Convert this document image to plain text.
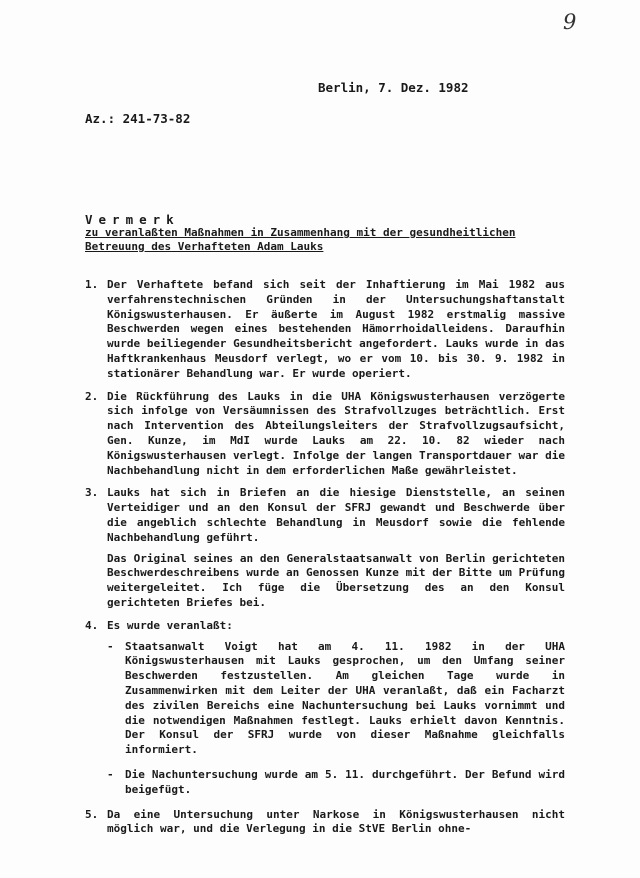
9
Berlin, 7. Dez. 1982
Az.: 241-73-82
Vermerk
zu veranlaßten Maßnahmen in Zusammenhang mit der gesundheitlichen Betreuung des Verhafteten Adam Lauks
1. Der Verhaftete befand sich seit der Inhaftierung im Mai 1982 aus verfahrenstechnischen Gründen in der Untersuchungshaftanstalt Königswusterhausen. Er äußerte im August 1982 erstmalig massive Beschwerden wegen eines bestehenden Hämorrhoidalleidens. Daraufhin wurde beiliegender Gesundheitsbericht angefordert. Lauks wurde in das Haftkrankenhaus Meusdorf verlegt, wo er vom 10. bis 30. 9. 1982 in stationärer Behandlung war. Er wurde operiert.
2. Die Rückführung des Lauks in die UHA Königswusterhausen verzögerte sich infolge von Versäumnissen des Strafvollzuges beträchtlich. Erst nach Intervention des Abteilungsleiters der Strafvollzugsaufsicht, Gen. Kunze, im MdI wurde Lauks am 22. 10. 82 wieder nach Königswusterhausen verlegt. Infolge der langen Transportdauer war die Nachbehandlung nicht in dem erforderlichen Maße gewährleistet.
3. Lauks hat sich in Briefen an die hiesige Dienststelle, an seinen Verteidiger und an den Konsul der SFRJ gewandt und Beschwerde über die angeblich schlechte Behandlung in Meusdorf sowie die fehlende Nachbehandlung geführt.
Das Original seines an den Generalstaatsanwalt von Berlin gerichteten Beschwerdeschreibens wurde an Genossen Kunze mit der Bitte um Prüfung weitergeleitet. Ich füge die Übersetzung des an den Konsul gerichteten Briefes bei.
4. Es wurde veranlaßt:
- Staatsanwalt Voigt hat am 4. 11. 1982 in der UHA Königswusterhausen mit Lauks gesprochen, um den Umfang seiner Beschwerden festzustellen. Am gleichen Tage wurde in Zusammenwirken mit dem Leiter der UHA veranlaßt, daß ein Facharzt des zivilen Bereichs eine Nachuntersuchung bei Lauks vornimmt und die notwendigen Maßnahmen festlegt. Lauks erhielt davon Kenntnis. Der Konsul der SFRJ wurde von dieser Maßnahme gleichfalls informiert.
- Die Nachuntersuchung wurde am 5. 11. durchgeführt. Der Befund wird beigefügt.
5. Da eine Untersuchung unter Narkose in Königswusterhausen nicht möglich war, und die Verlegung in die StVE Berlin ohne-
